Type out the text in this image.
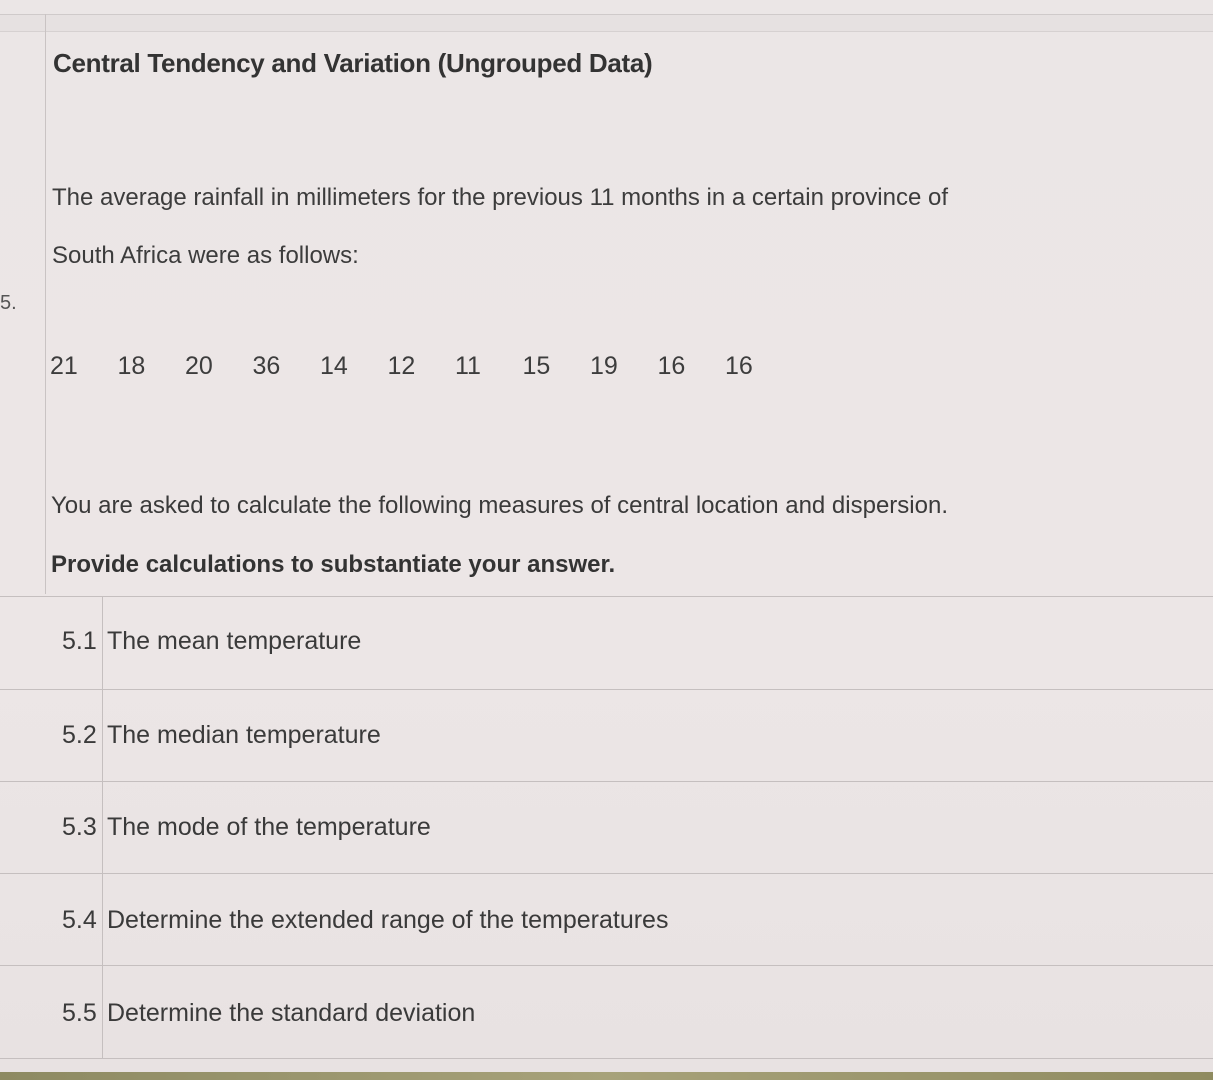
5.
Central Tendency and Variation (Ungrouped Data)
The average rainfall in millimeters for the previous 11 months in a certain province of
South Africa were as follows:
21	18	20	36	14	12	11	15	19	16	16
You are asked to calculate the following measures of central location and dispersion.
Provide calculations to substantiate your answer.
5.1 The mean temperature
5.2 The median temperature
5.3 The mode of the temperature
5.4 Determine the extended range of the temperatures
5.5 Determine the standard deviation
